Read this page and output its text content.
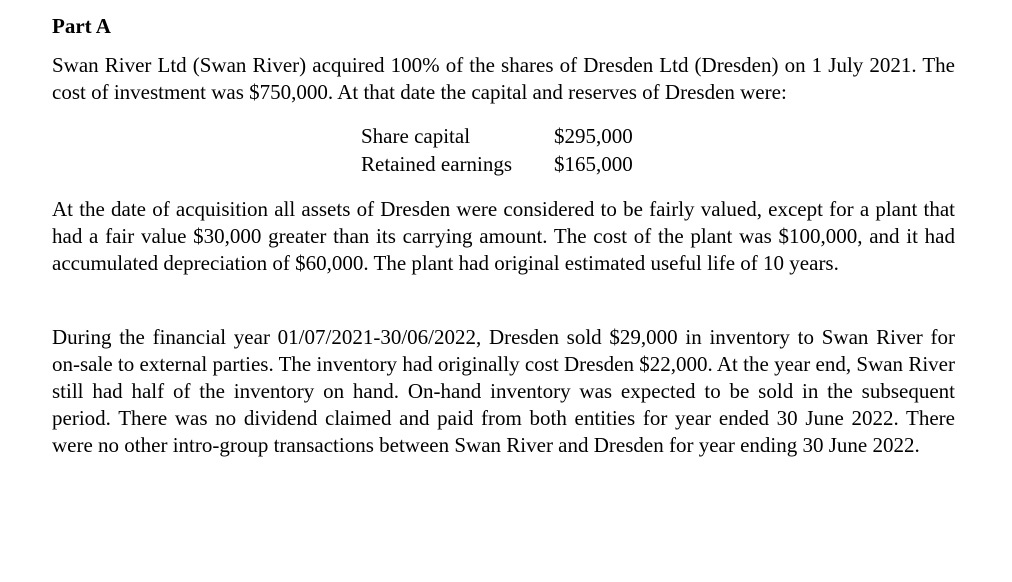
Part A

Swan River Ltd (Swan River) acquired 100% of the shares of Dresden Ltd (Dresden) on 1 July 2021. The cost of investment was $750,000. At that date the capital and reserves of Dresden were:

Share capital	$295,000
Retained earnings	$165,000

At the date of acquisition all assets of Dresden were considered to be fairly valued, except for a plant that had a fair value $30,000 greater than its carrying amount. The cost of the plant was $100,000, and it had accumulated depreciation of $60,000. The plant had original estimated useful life of 10 years.

During the financial year 01/07/2021-30/06/2022, Dresden sold $29,000 in inventory to Swan River for on-sale to external parties. The inventory had originally cost Dresden $22,000. At the year end, Swan River still had half of the inventory on hand. On-hand inventory was expected to be sold in the subsequent period. There was no dividend claimed and paid from both entities for year ended 30 June 2022. There were no other intro-group transactions between Swan River and Dresden for year ending 30 June 2022.
